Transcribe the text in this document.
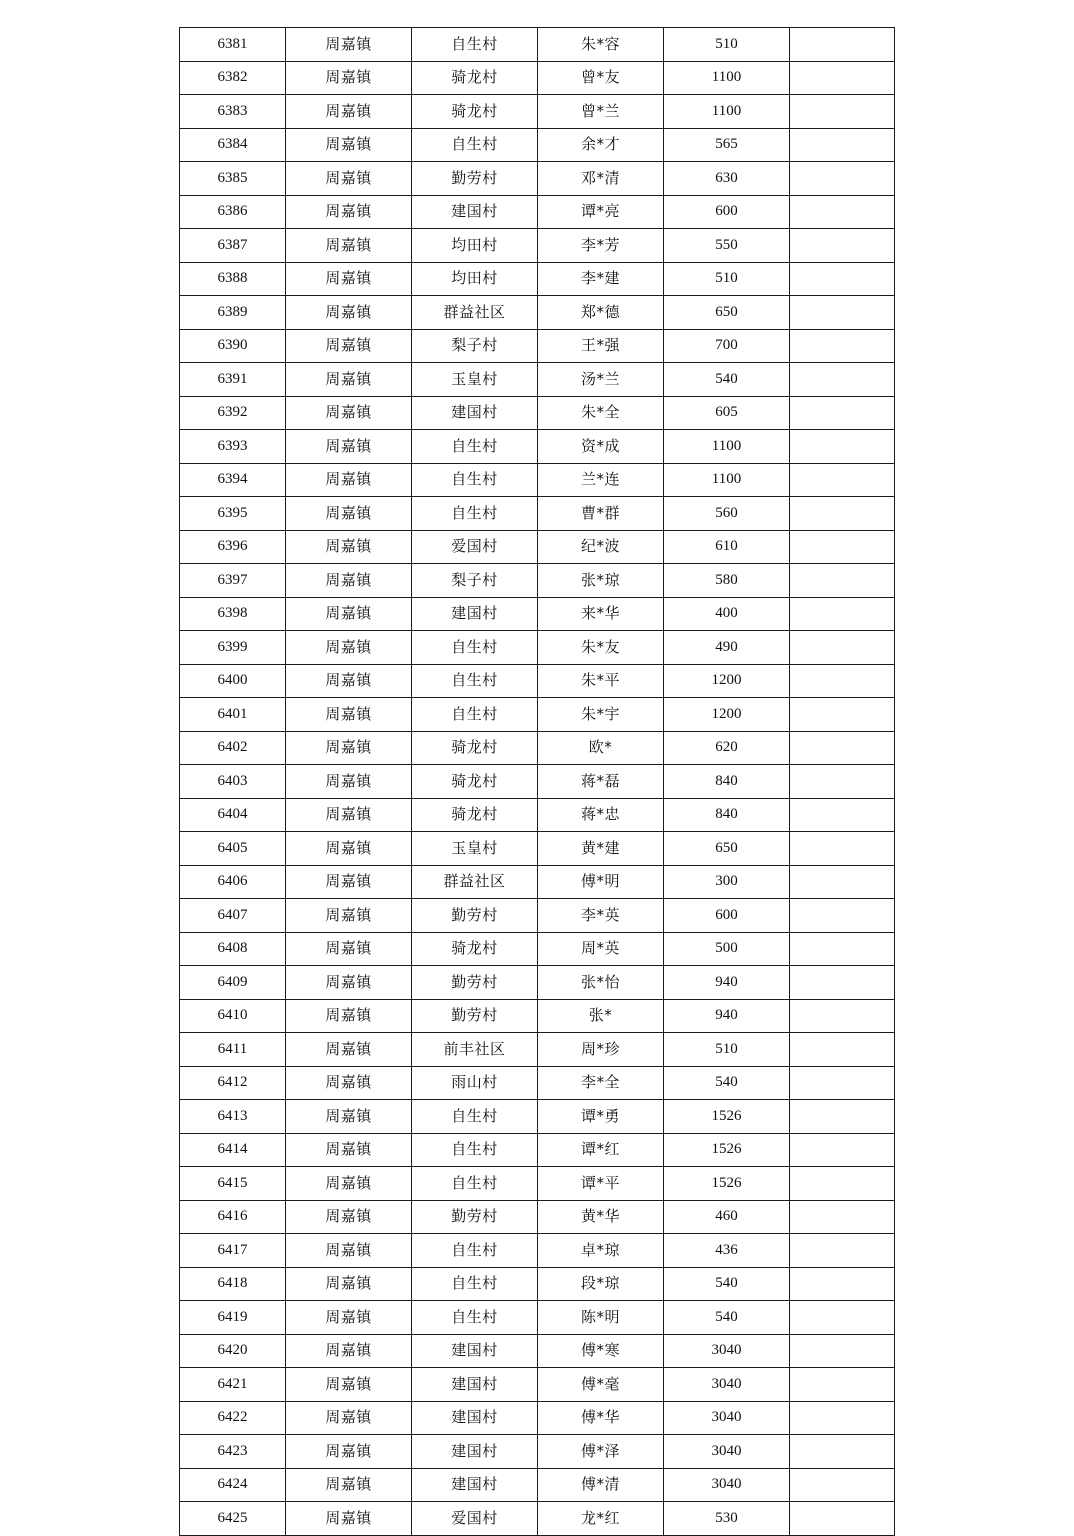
6381	周嘉镇	自生村	朱*容	510	
6382	周嘉镇	骑龙村	曾*友	1100	
6383	周嘉镇	骑龙村	曾*兰	1100	
6384	周嘉镇	自生村	余*才	565	
6385	周嘉镇	勤劳村	邓*清	630	
6386	周嘉镇	建国村	谭*亮	600	
6387	周嘉镇	均田村	李*芳	550	
6388	周嘉镇	均田村	李*建	510	
6389	周嘉镇	群益社区	郑*德	650	
6390	周嘉镇	梨子村	王*强	700	
6391	周嘉镇	玉皇村	汤*兰	540	
6392	周嘉镇	建国村	朱*全	605	
6393	周嘉镇	自生村	资*成	1100	
6394	周嘉镇	自生村	兰*连	1100	
6395	周嘉镇	自生村	曹*群	560	
6396	周嘉镇	爱国村	纪*波	610	
6397	周嘉镇	梨子村	张*琼	580	
6398	周嘉镇	建国村	来*华	400	
6399	周嘉镇	自生村	朱*友	490	
6400	周嘉镇	自生村	朱*平	1200	
6401	周嘉镇	自生村	朱*宇	1200	
6402	周嘉镇	骑龙村	欧*	620	
6403	周嘉镇	骑龙村	蒋*磊	840	
6404	周嘉镇	骑龙村	蒋*忠	840	
6405	周嘉镇	玉皇村	黄*建	650	
6406	周嘉镇	群益社区	傅*明	300	
6407	周嘉镇	勤劳村	李*英	600	
6408	周嘉镇	骑龙村	周*英	500	
6409	周嘉镇	勤劳村	张*怡	940	
6410	周嘉镇	勤劳村	张*	940	
6411	周嘉镇	前丰社区	周*珍	510	
6412	周嘉镇	雨山村	李*全	540	
6413	周嘉镇	自生村	谭*勇	1526	
6414	周嘉镇	自生村	谭*红	1526	
6415	周嘉镇	自生村	谭*平	1526	
6416	周嘉镇	勤劳村	黄*华	460	
6417	周嘉镇	自生村	卓*琼	436	
6418	周嘉镇	自生村	段*琼	540	
6419	周嘉镇	自生村	陈*明	540	
6420	周嘉镇	建国村	傅*寒	3040	
6421	周嘉镇	建国村	傅*毫	3040	
6422	周嘉镇	建国村	傅*华	3040	
6423	周嘉镇	建国村	傅*泽	3040	
6424	周嘉镇	建国村	傅*清	3040	
6425	周嘉镇	爱国村	龙*红	530	
